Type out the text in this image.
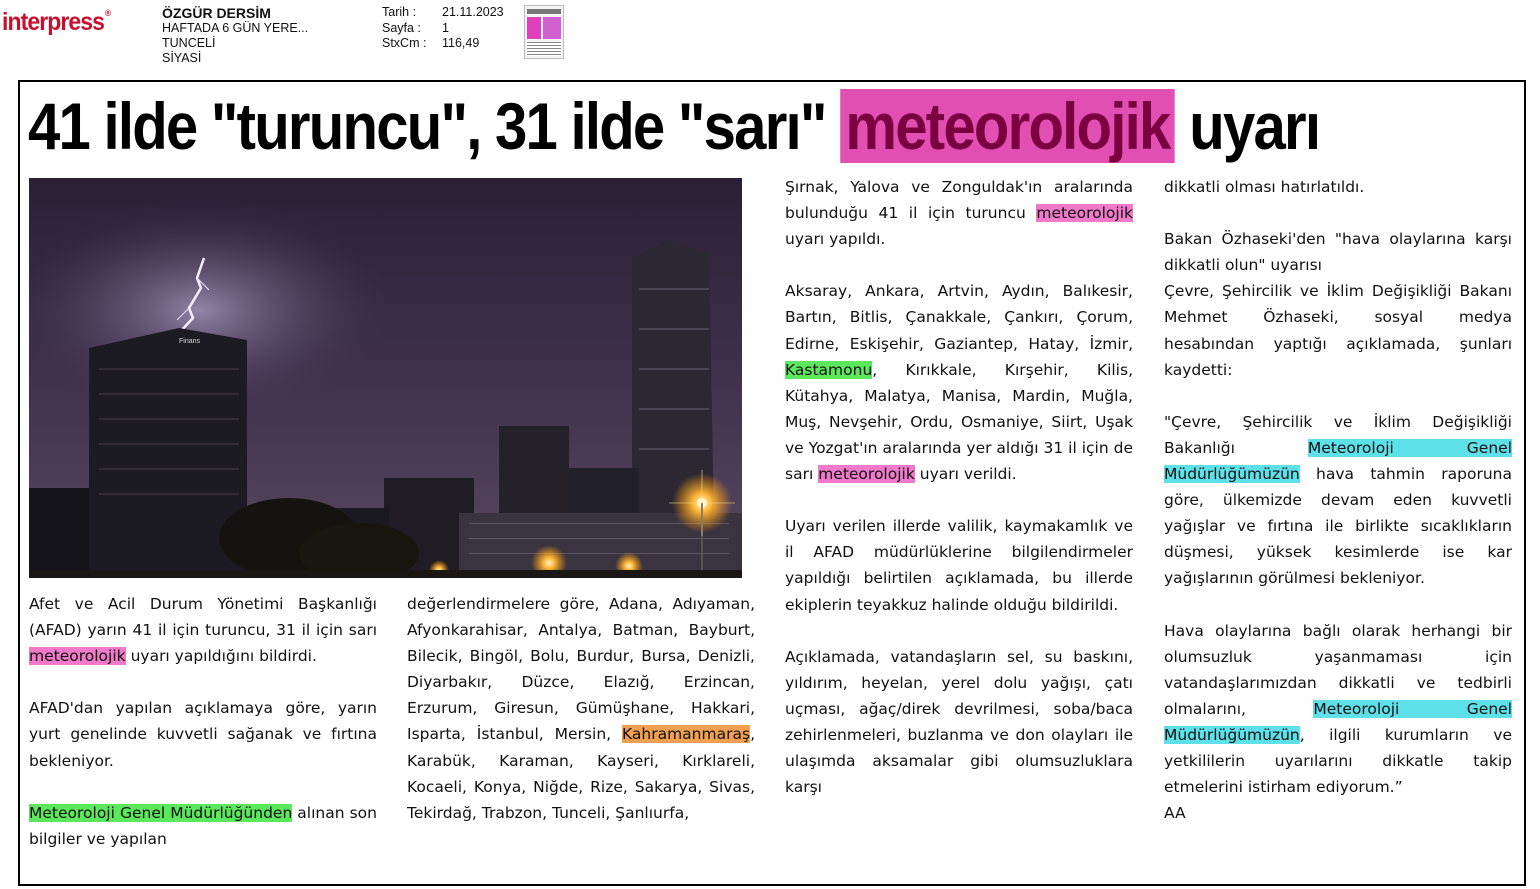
interpress®	ÖZGÜR DERSİM
HAFTADA 6 GÜN YERE...
TUNCELİ
SİYASİ
Tarih :	21.11.2023
Sayfa :	1
StxCm :	116,49
41 ilde "turuncu", 31 ilde "sarı" meteorolojik uyarı
Finans

Afet ve Acil Durum Yönetimi Başkanlığı (AFAD) yarın 41 il için turuncu, 31 il için sarı meteorolojik uyarı yapıldığını bildirdi.

AFAD'dan yapılan açıklamaya göre, yarın yurt genelinde kuvvetli sağanak ve fırtına bekleniyor.

Meteoroloji Genel Müdürlüğünden alınan son bilgiler ve yapılan

değerlendirmelere göre, Adana, Adıyaman, Afyonkarahisar, Antalya, Batman, Bayburt, Bilecik, Bingöl, Bolu, Burdur, Bursa, Denizli, Diyarbakır, Düzce, Elazığ, Erzincan, Erzurum, Giresun, Gümüşhane, Hakkari, Isparta, İstanbul, Mersin, Kahramanmaraş, Karabük, Karaman, Kayseri, Kırklareli, Kocaeli, Konya, Niğde, Rize, Sakarya, Sivas, Tekirdağ, Trabzon, Tunceli, Şanlıurfa,

Şırnak, Yalova ve Zonguldak'ın aralarında bulunduğu 41 il için turuncu meteorolojik uyarı yapıldı.

Aksaray, Ankara, Artvin, Aydın, Balıkesir, Bartın, Bitlis, Çanakkale, Çankırı, Çorum, Edirne, Eskişehir, Gaziantep, Hatay, İzmir, Kastamonu, Kırıkkale, Kırşehir, Kilis, Kütahya, Malatya, Manisa, Mardin, Muğla, Muş, Nevşehir, Ordu, Osmaniye, Siirt, Uşak ve Yozgat'ın aralarında yer aldığı 31 il için de sarı meteorolojik uyarı verildi.

Uyarı verilen illerde valilik, kaymakamlık ve il AFAD müdürlüklerine bilgilendirmeler yapıldığı belirtilen açıklamada, bu illerde ekiplerin teyakkuz halinde olduğu bildirildi.

Açıklamada, vatandaşların sel, su baskını, yıldırım, heyelan, yerel dolu yağışı, çatı uçması, ağaç/direk devrilmesi, soba/baca zehirlenmeleri, buzlanma ve don olayları ile ulaşımda aksamalar gibi olumsuzluklara karşı

dikkatli olması hatırlatıldı.

Bakan Özhaseki'den "hava olaylarına karşı dikkatli olun" uyarısı
Çevre, Şehircilik ve İklim Değişikliği Bakanı Mehmet Özhaseki, sosyal medya hesabından yaptığı açıklamada, şunları kaydetti:

"Çevre, Şehircilik ve İklim Değişikliği Bakanlığı Meteoroloji Genel Müdürlüğümüzün hava tahmin raporuna göre, ülkemizde devam eden kuvvetli yağışlar ve fırtına ile birlikte sıcaklıkların düşmesi, yüksek kesimlerde ise kar yağışlarının görülmesi bekleniyor.

Hava olaylarına bağlı olarak herhangi bir olumsuzluk yaşanmaması için vatandaşlarımızdan dikkatli ve tedbirli olmalarını, Meteoroloji Genel Müdürlüğümüzün, ilgili kurumların ve yetkililerin uyarılarını dikkatle takip etmelerini istirham ediyorum.”
AA
